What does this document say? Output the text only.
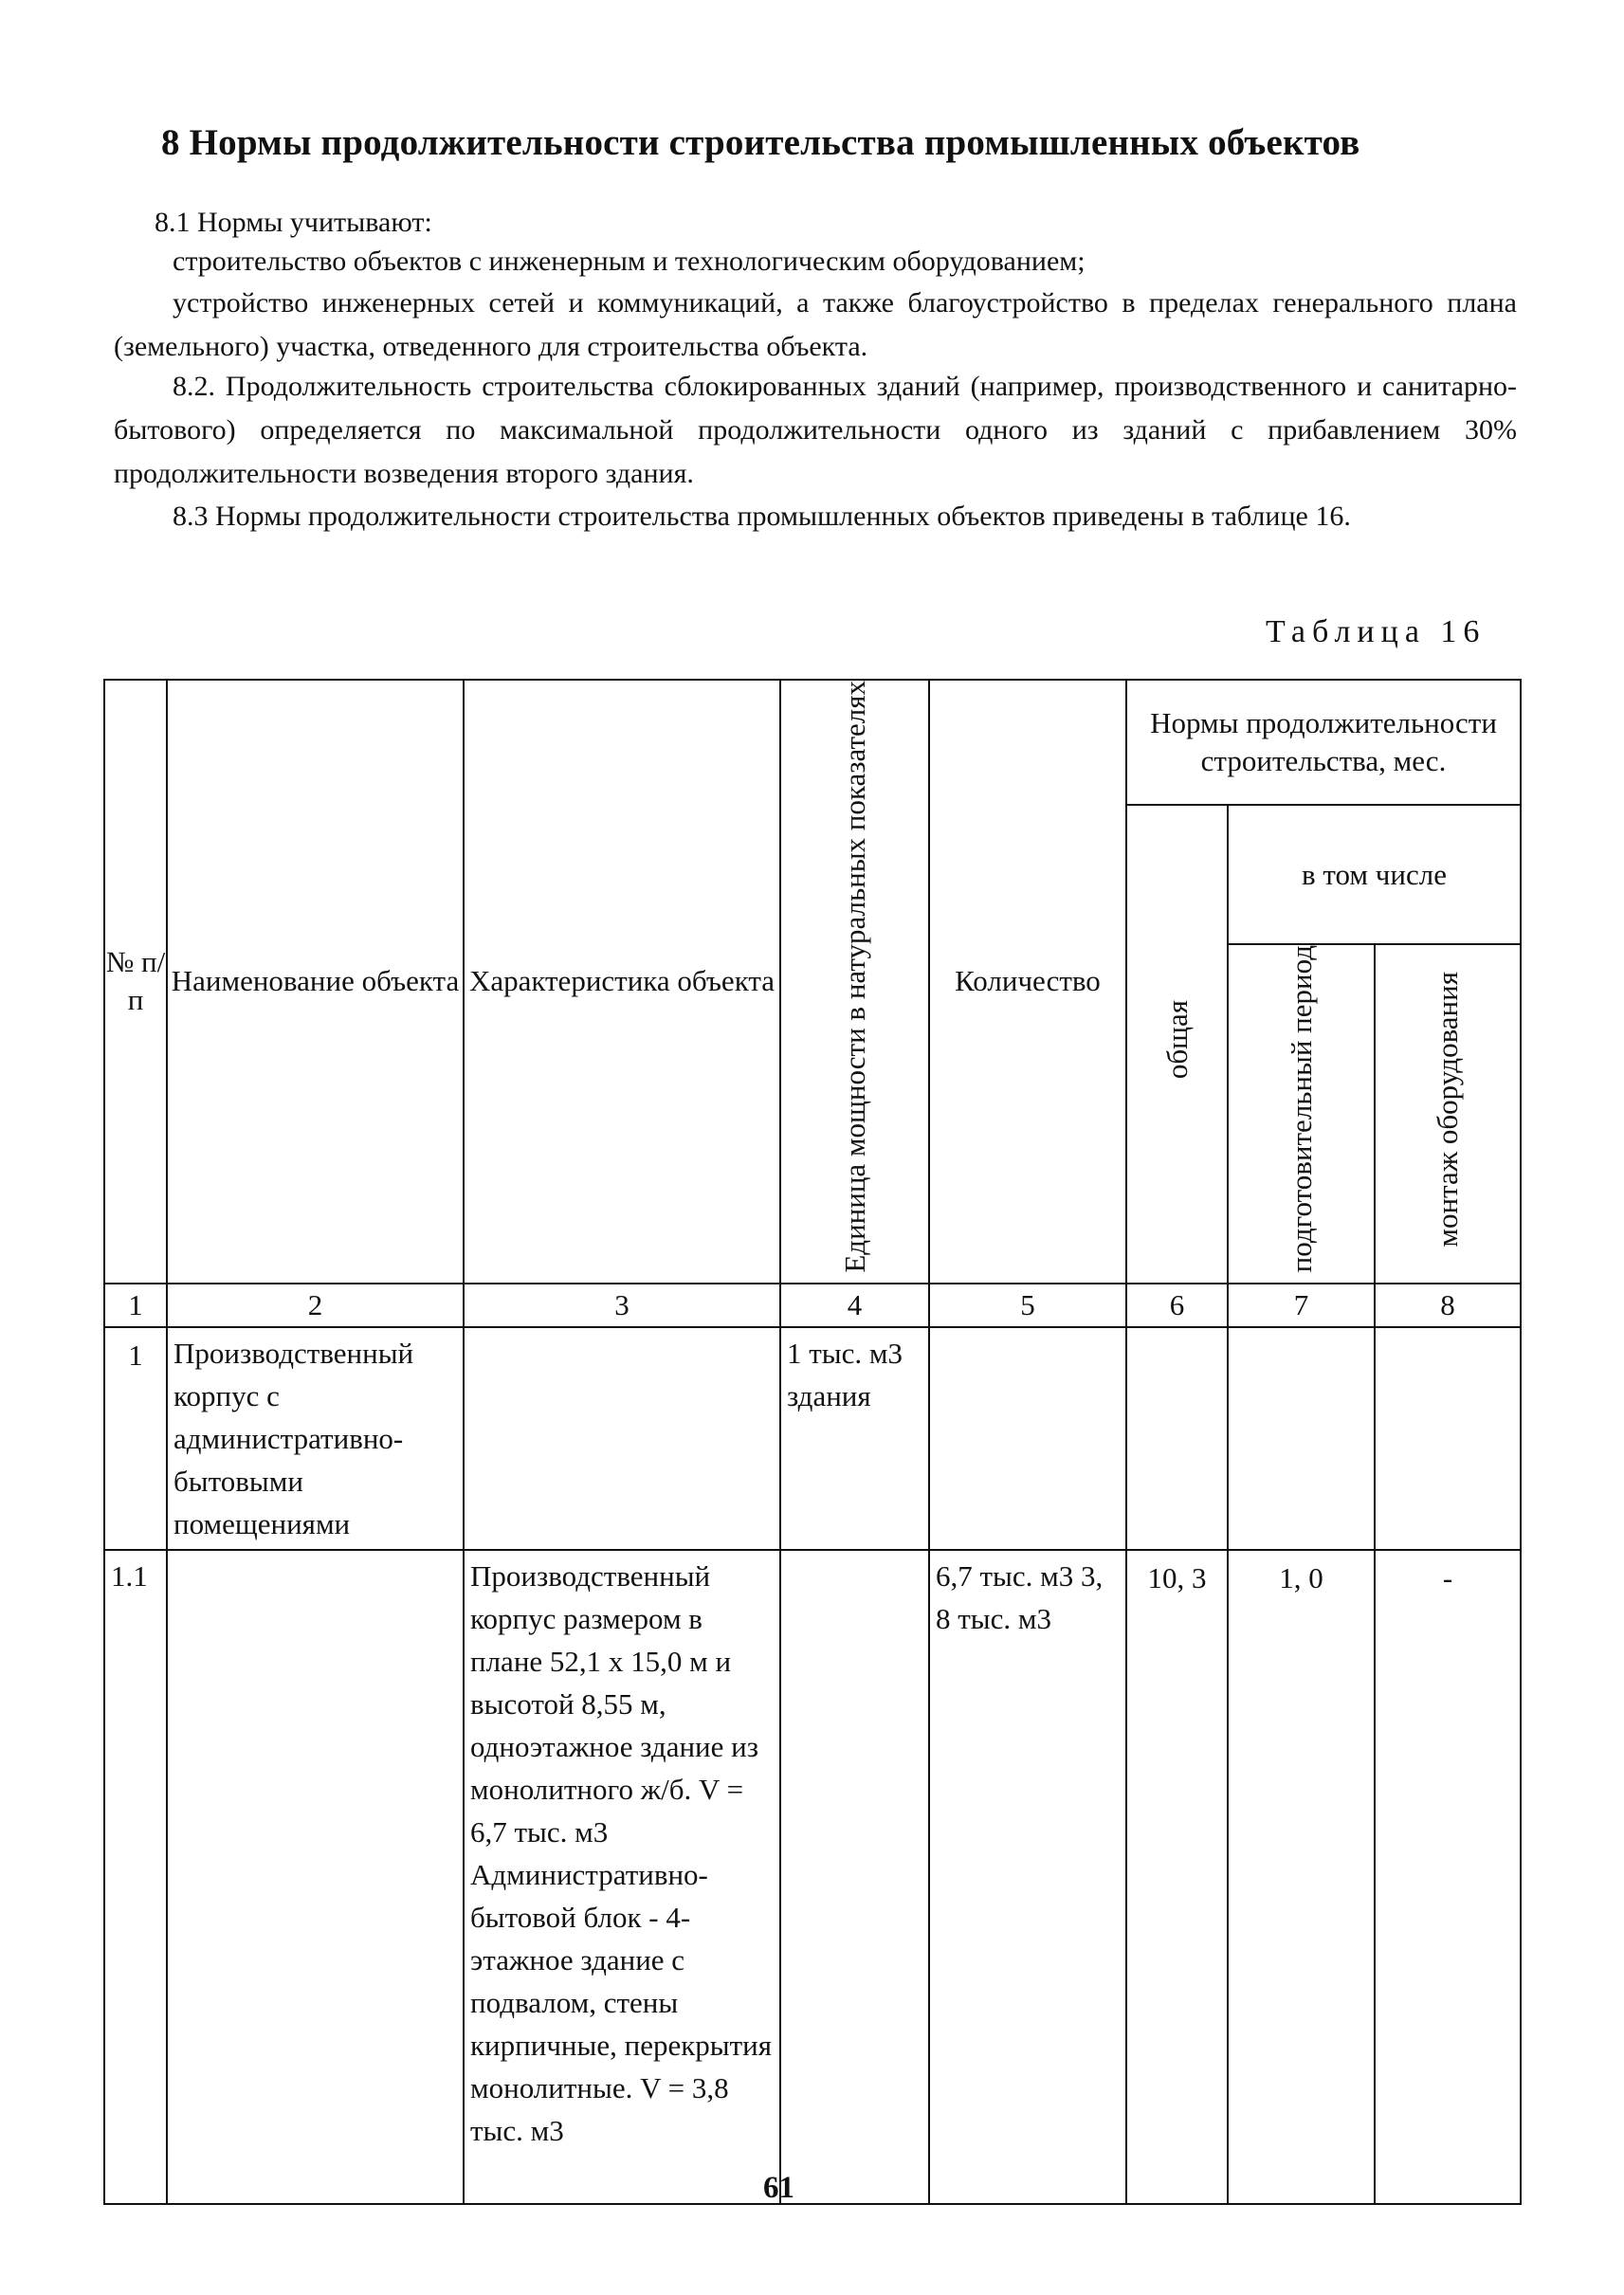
8 Нормы продолжительности строительства промышленных объектов
8.1 Нормы учитывают:
строительство объектов с инженерным и технологическим оборудованием;
устройство инженерных сетей и коммуникаций, а также благоустройство в пределах генерального плана (земельного) участка, отведенного для строительства объекта.
8.2. Продолжительность строительства сблокированных зданий (например, производственного и санитарно-бытового) определяется по максимальной продолжительности одного из зданий с прибавлением 30% продолжительности возведения второго здания.
8.3 Нормы продолжительности строительства промышленных объектов приведены в таблице 16.
Таблица 16
№ п/п	Наименование объекта	Характеристика объекта	Единица мощности в натуральных показателях	Количество	Нормы продолжительности строительства, мес.		
					общая	в том числе	
						подготовительный период	монтаж оборудования
1	2	3	4	5	6	7	8
1	Производственный корпус с административно-бытовыми помещениями		1 тыс. м3 здания				
1.1		Производственный корпус размером в плане 52,1 х 15,0 м и высотой 8,55 м, одноэтажное здание из монолитного ж/б. V = 6,7 тыс. м3 Административно-бытовой блок - 4-этажное здание с подвалом, стены кирпичные, перекрытия монолитные. V = 3,8 тыс. м3		6,7 тыс. м3 3, 8 тыс. м3	10, 3	1, 0	-
61
